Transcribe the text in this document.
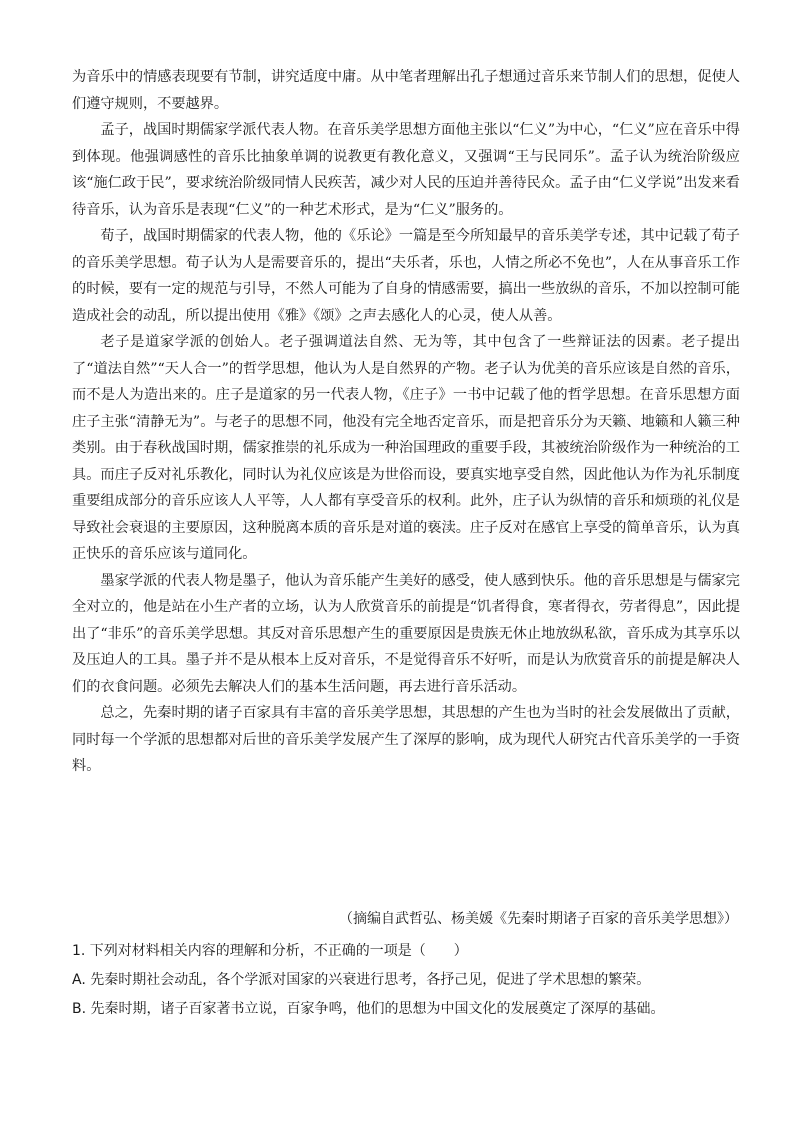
为音乐中的情感表现要有节制，讲究适度中庸。从中笔者理解出孔子想通过音乐来节制人们的思想，促使人们遵守规则，不要越界。

孟子，战国时期儒家学派代表人物。在音乐美学思想方面他主张以“仁义”为中心，“仁义”应在音乐中得到体现。他强调感性的音乐比抽象单调的说教更有教化意义，又强调“王与民同乐”。孟子认为统治阶级应该“施仁政于民”，要求统治阶级同情人民疾苦，减少对人民的压迫并善待民众。孟子由“仁义学说”出发来看待音乐，认为音乐是表现“仁义”的一种艺术形式，是为“仁义”服务的。

荀子，战国时期儒家的代表人物，他的《乐论》一篇是至今所知最早的音乐美学专述，其中记载了荀子的音乐美学思想。荀子认为人是需要音乐的，提出“夫乐者，乐也，人情之所必不免也”，人在从事音乐工作的时候，要有一定的规范与引导，不然人可能为了自身的情感需要，搞出一些放纵的音乐，不加以控制可能造成社会的动乱，所以提出使用《雅》《颂》之声去感化人的心灵，使人从善。

老子是道家学派的创始人。老子强调道法自然、无为等，其中包含了一些辩证法的因素。老子提出了“道法自然”“天人合一”的哲学思想，他认为人是自然界的产物。老子认为优美的音乐应该是自然的音乐，而不是人为造出来的。庄子是道家的另一代表人物，《庄子》一书中记载了他的哲学思想。在音乐思想方面庄子主张“清静无为”。与老子的思想不同，他没有完全地否定音乐，而是把音乐分为天籁、地籁和人籁三种类别。由于春秋战国时期，儒家推崇的礼乐成为一种治国理政的重要手段，其被统治阶级作为一种统治的工具。而庄子反对礼乐教化，同时认为礼仪应该是为世俗而设，要真实地享受自然，因此他认为作为礼乐制度重要组成部分的音乐应该人人平等，人人都有享受音乐的权利。此外，庄子认为纵情的音乐和烦琐的礼仪是导致社会衰退的主要原因，这种脱离本质的音乐是对道的亵渎。庄子反对在感官上享受的简单音乐，认为真正快乐的音乐应该与道同化。

墨家学派的代表人物是墨子，他认为音乐能产生美好的感受，使人感到快乐。他的音乐思想是与儒家完全对立的，他是站在小生产者的立场，认为人欣赏音乐的前提是“饥者得食，寒者得衣，劳者得息”，因此提出了“非乐”的音乐美学思想。其反对音乐思想产生的重要原因是贵族无休止地放纵私欲，音乐成为其享乐以及压迫人的工具。墨子并不是从根本上反对音乐，不是觉得音乐不好听，而是认为欣赏音乐的前提是解决人们的衣食问题。必须先去解决人们的基本生活问题，再去进行音乐活动。

总之，先秦时期的诸子百家具有丰富的音乐美学思想，其思想的产生也为当时的社会发展做出了贡献，同时每一个学派的思想都对后世的音乐美学发展产生了深厚的影响，成为现代人研究古代音乐美学的一手资料。

（摘编自武哲弘、杨美媛《先秦时期诸子百家的音乐美学思想》）
1. 下列对材料相关内容的理解和分析，不正确的一项是（　　）
A. 先秦时期社会动乱，各个学派对国家的兴衰进行思考，各抒己见，促进了学术思想的繁荣。
B. 先秦时期，诸子百家著书立说，百家争鸣，他们的思想为中国文化的发展奠定了深厚的基础。
